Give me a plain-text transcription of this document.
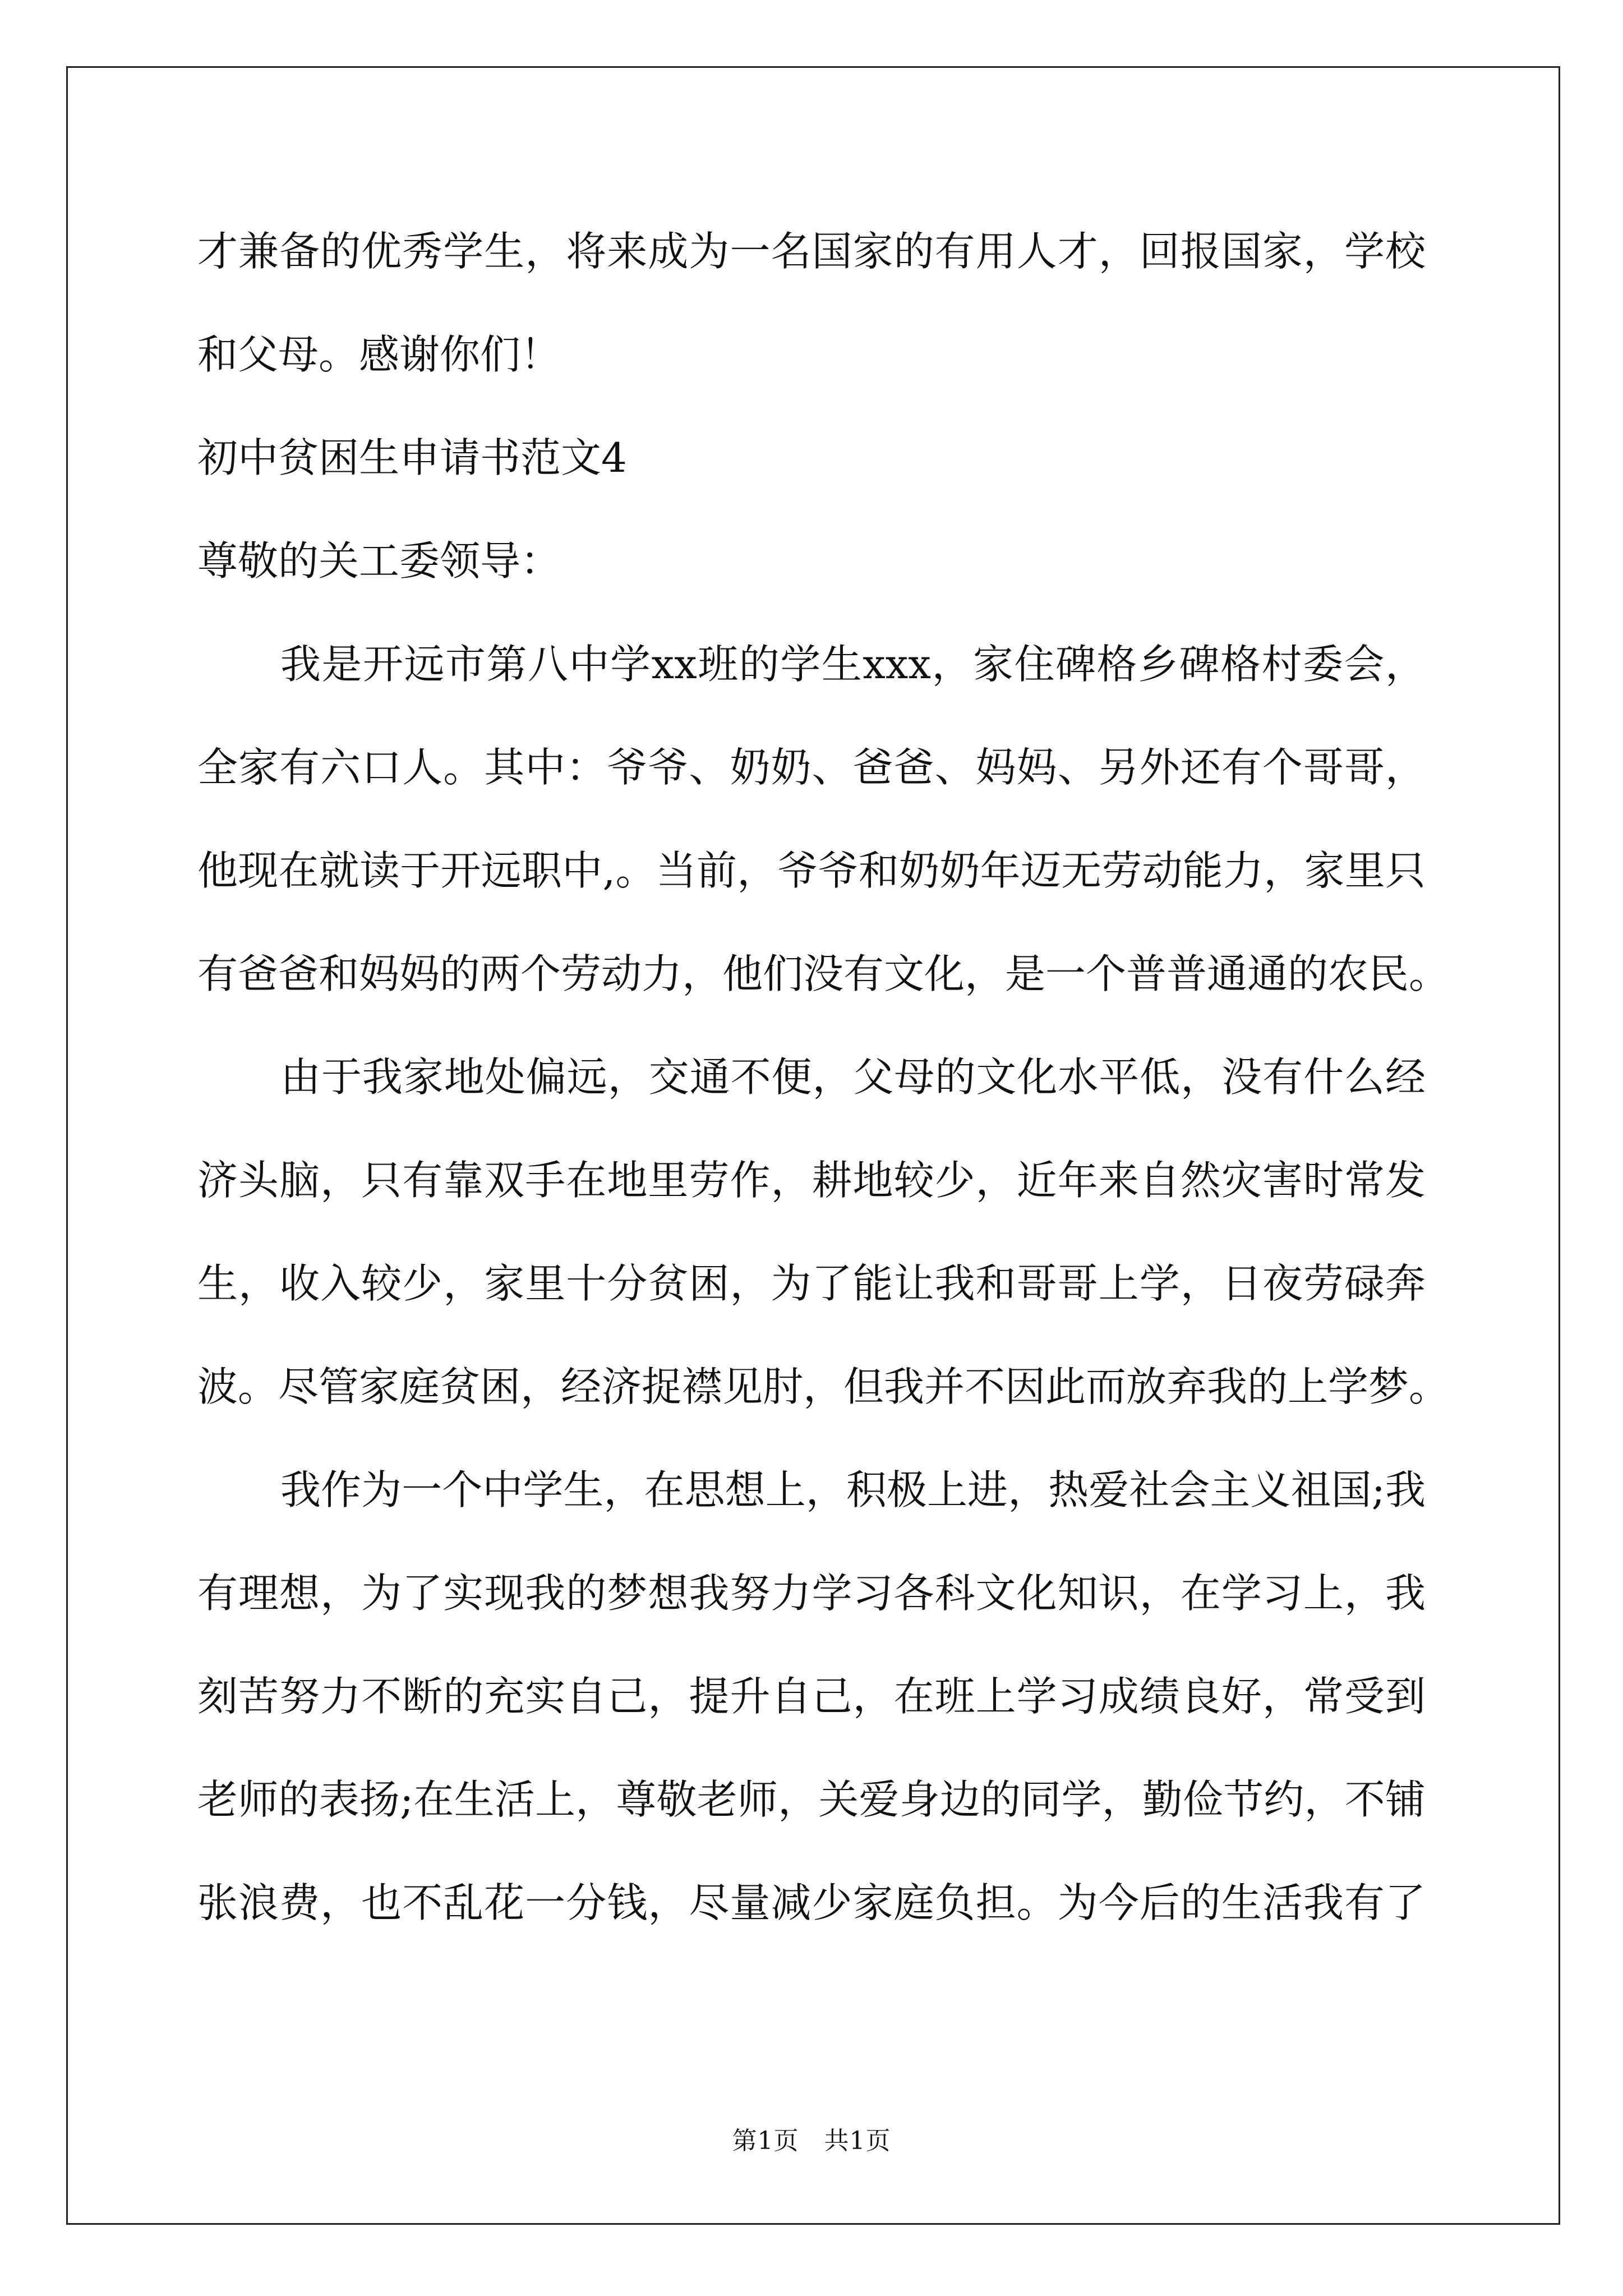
才兼备的优秀学生，将来成为一名国家的有用人才，回报国家，学校
和父母。感谢你们！
初中贫困生申请书范文4
尊敬的关工委领导：
我是开远市第八中学xx班的学生xxx，家住碑格乡碑格村委会，
全家有六口人。其中：爷爷、奶奶、爸爸、妈妈、另外还有个哥哥，
他现在就读于开远职中,。当前，爷爷和奶奶年迈无劳动能力，家里只
有爸爸和妈妈的两个劳动力，他们没有文化，是一个普普通通的农民。
由于我家地处偏远，交通不便，父母的文化水平低，没有什么经
济头脑，只有靠双手在地里劳作，耕地较少，近年来自然灾害时常发
生，收入较少，家里十分贫困，为了能让我和哥哥上学，日夜劳碌奔
波。尽管家庭贫困，经济捉襟见肘，但我并不因此而放弃我的上学梦。
我作为一个中学生，在思想上，积极上进，热爱社会主义祖国;我
有理想，为了实现我的梦想我努力学习各科文化知识，在学习上，我
刻苦努力不断的充实自己，提升自己，在班上学习成绩良好，常受到
老师的表扬;在生活上，尊敬老师，关爱身边的同学，勤俭节约，不铺
张浪费，也不乱花一分钱，尽量减少家庭负担。为今后的生活我有了
第1页　共1页
